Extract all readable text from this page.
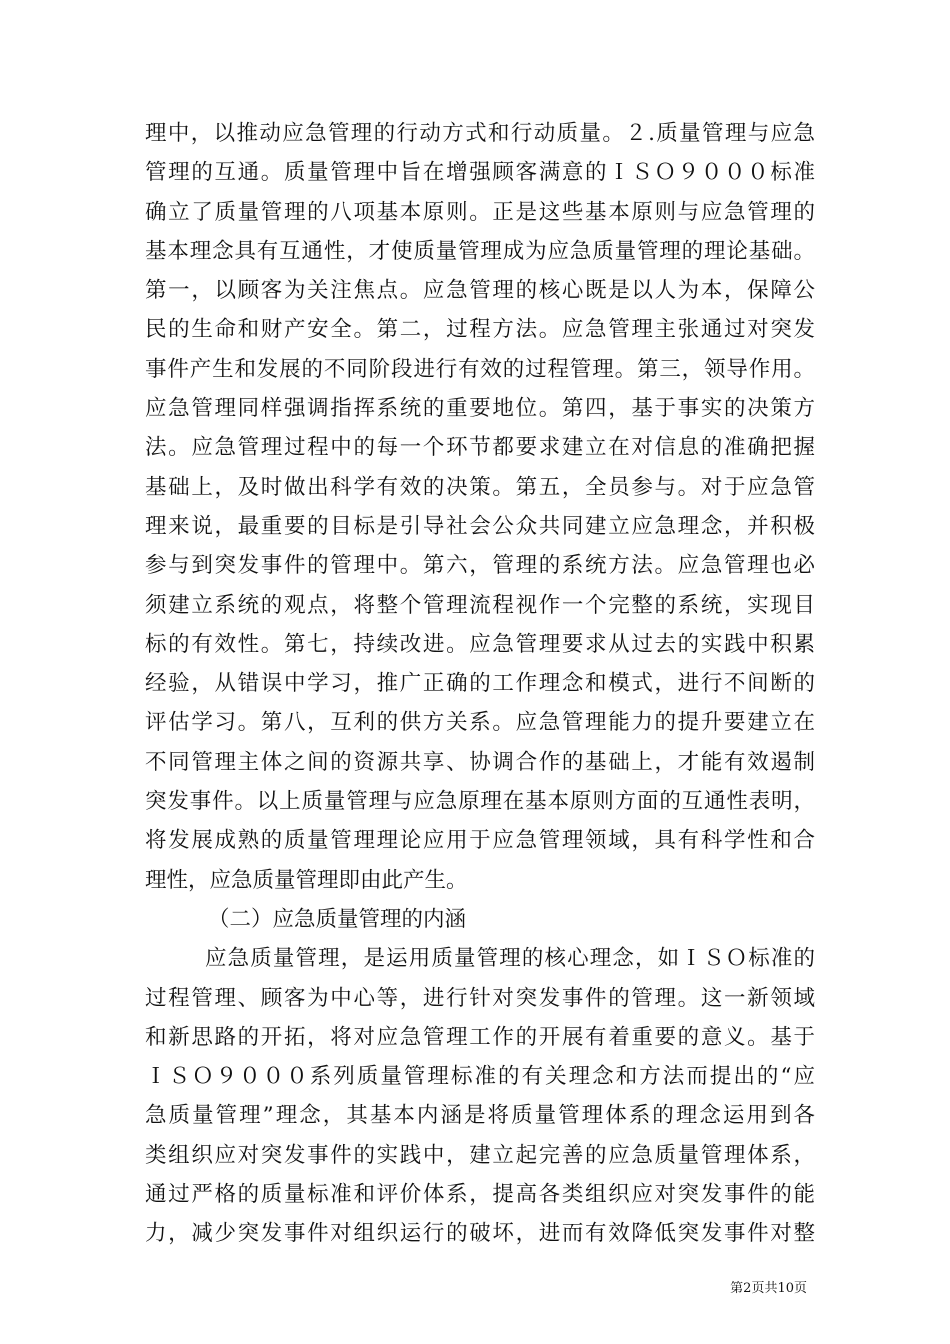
理中，以推动应急管理的行动方式和行动质量。２.质量管理与应急
管理的互通。质量管理中旨在增强顾客满意的ＩＳＯ９０００标准
确立了质量管理的八项基本原则。正是这些基本原则与应急管理的
基本理念具有互通性，才使质量管理成为应急质量管理的理论基础。
第一，以顾客为关注焦点。应急管理的核心既是以人为本，保障公
民的生命和财产安全。第二，过程方法。应急管理主张通过对突发
事件产生和发展的不同阶段进行有效的过程管理。第三，领导作用。
应急管理同样强调指挥系统的重要地位。第四，基于事实的决策方
法。应急管理过程中的每一个环节都要求建立在对信息的准确把握
基础上，及时做出科学有效的决策。第五，全员参与。对于应急管
理来说，最重要的目标是引导社会公众共同建立应急理念，并积极
参与到突发事件的管理中。第六，管理的系统方法。应急管理也必
须建立系统的观点，将整个管理流程视作一个完整的系统，实现目
标的有效性。第七，持续改进。应急管理要求从过去的实践中积累
经验，从错误中学习，推广正确的工作理念和模式，进行不间断的
评估学习。第八，互利的供方关系。应急管理能力的提升要建立在
不同管理主体之间的资源共享、协调合作的基础上，才能有效遏制
突发事件。以上质量管理与应急原理在基本原则方面的互通性表明，
将发展成熟的质量管理理论应用于应急管理领域，具有科学性和合
理性，应急质量管理即由此产生。
（二）应急质量管理的内涵
应急质量管理，是运用质量管理的核心理念，如ＩＳＯ标准的
过程管理、顾客为中心等，进行针对突发事件的管理。这一新领域
和新思路的开拓，将对应急管理工作的开展有着重要的意义。基于
ＩＳＯ９０００系列质量管理标准的有关理念和方法而提出的“应
急质量管理”理念，其基本内涵是将质量管理体系的理念运用到各
类组织应对突发事件的实践中，建立起完善的应急质量管理体系，
通过严格的质量标准和评价体系，提高各类组织应对突发事件的能
力，减少突发事件对组织运行的破坏，进而有效降低突发事件对整
第2页共10页
